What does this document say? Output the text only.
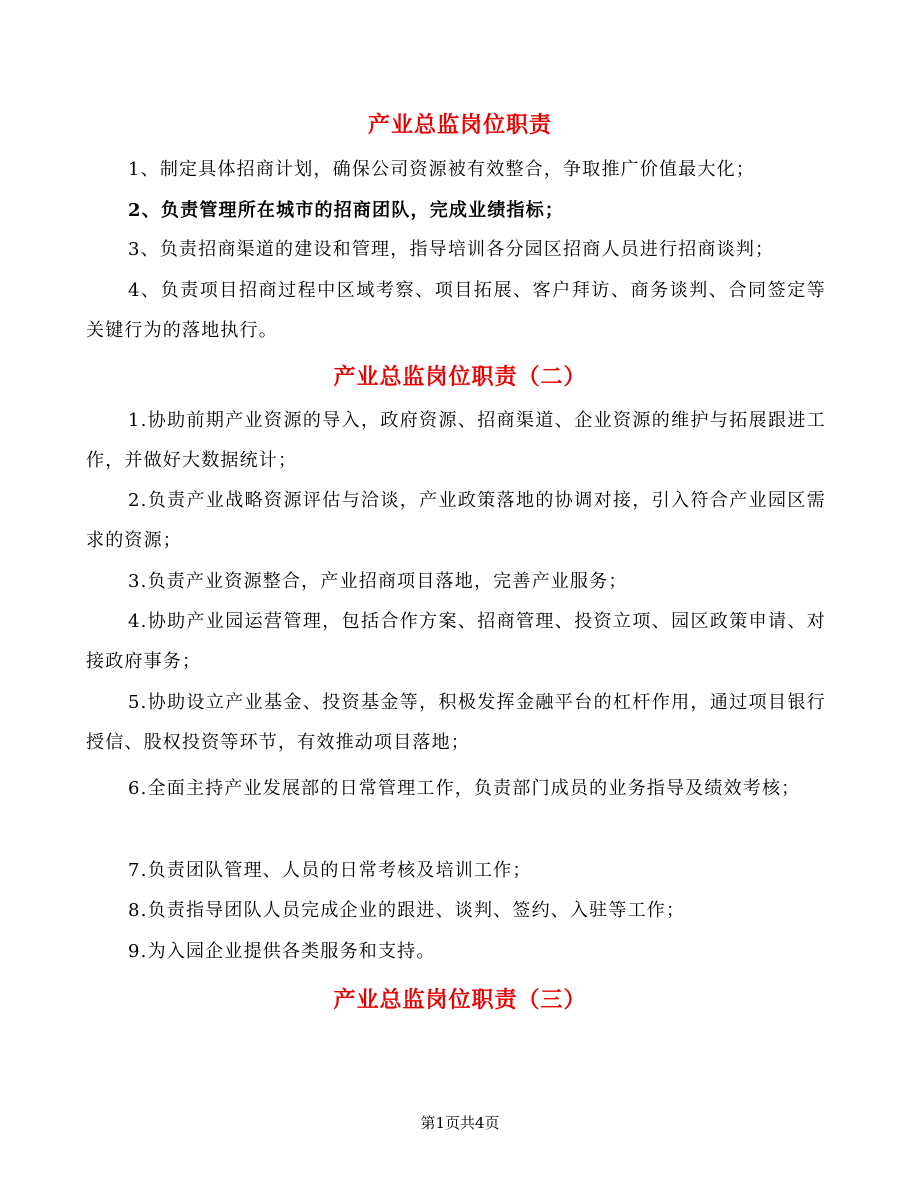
产业总监岗位职责
1、制定具体招商计划，确保公司资源被有效整合，争取推广价值最大化；
2、负责管理所在城市的招商团队，完成业绩指标；
3、负责招商渠道的建设和管理，指导培训各分园区招商人员进行招商谈判；
4、负责项目招商过程中区域考察、项目拓展、客户拜访、商务谈判、合同签定等关键行为的落地执行。
产业总监岗位职责（二）
1.协助前期产业资源的导入，政府资源、招商渠道、企业资源的维护与拓展跟进工作，并做好大数据统计；
2.负责产业战略资源评估与洽谈，产业政策落地的协调对接，引入符合产业园区需求的资源；
3.负责产业资源整合，产业招商项目落地，完善产业服务；
4.协助产业园运营管理，包括合作方案、招商管理、投资立项、园区政策申请、对接政府事务；
5.协助设立产业基金、投资基金等，积极发挥金融平台的杠杆作用，通过项目银行授信、股权投资等环节，有效推动项目落地；
6.全面主持产业发展部的日常管理工作，负责部门成员的业务指导及绩效考核；
7.负责团队管理、人员的日常考核及培训工作；
8.负责指导团队人员完成企业的跟进、谈判、签约、入驻等工作；
9.为入园企业提供各类服务和支持。
产业总监岗位职责（三）
第1页共4页
